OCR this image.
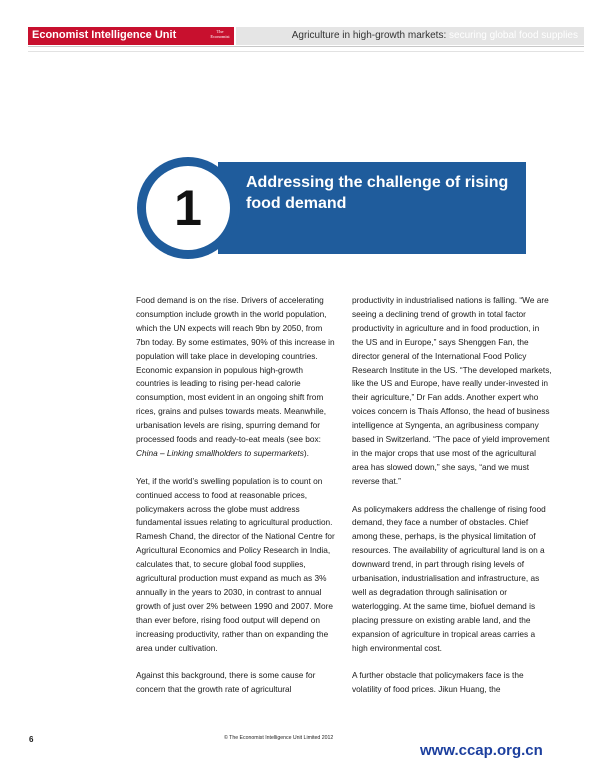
Economist Intelligence Unit	The
Economist	Agriculture in high-growth markets: securing global food supplies
Addressing the challenge of rising
food demand
1

Food demand is on the rise. Drivers of accelerating consumption include growth in the world population, which the UN expects will reach 9bn by 2050, from 7bn today. By some estimates, 90% of this increase in population will take place in developing countries. Economic expansion in populous high-growth countries is leading to rising per-head calorie consumption, most evident in an ongoing shift from rices, grains and pulses towards meats. Meanwhile, urbanisation levels are rising, spurring demand for processed foods and ready-to-eat meals (see box: China – Linking smallholders to supermarkets).

Yet, if the world’s swelling population is to count on continued access to food at reasonable prices, policymakers across the globe must address fundamental issues relating to agricultural production. Ramesh Chand, the director of the National Centre for Agricultural Economics and Policy Research in India, calculates that, to secure global food supplies, agricultural production must expand as much as 3% annually in the years to 2030, in contrast to annual growth of just over 2% between 1990 and 2007. More than ever before, rising food output will depend on increasing productivity, rather than on expanding the area under cultivation.

Against this background, there is some cause for concern that the growth rate of agricultural

productivity in industrialised nations is falling. “We are seeing a declining trend of growth in total factor productivity in agriculture and in food production, in the US and in Europe,” says Shenggen Fan, the director general of the International Food Policy Research Institute in the US. “The developed markets, like the US and Europe, have really under-invested in their agriculture,” Dr Fan adds. Another expert who voices concern is Thaís Affonso, the head of business intelligence at Syngenta, an agribusiness company based in Switzerland. “The pace of yield improvement in the major crops that use most of the agricultural area has slowed down,” she says, “and we must reverse that.”

As policymakers address the challenge of rising food demand, they face a number of obstacles. Chief among these, perhaps, is the physical limitation of resources. The availability of agricultural land is on a downward trend, in part through rising levels of urbanisation, industrialisation and infrastructure, as well as degradation through salinisation or waterlogging. At the same time, biofuel demand is placing pressure on existing arable land, and the expansion of agriculture in tropical areas carries a high environmental cost.

A further obstacle that policymakers face is the volatility of food prices. Jikun Huang, the

6	© The Economist Intelligence Unit Limited 2012
www.ccap.org.cn
